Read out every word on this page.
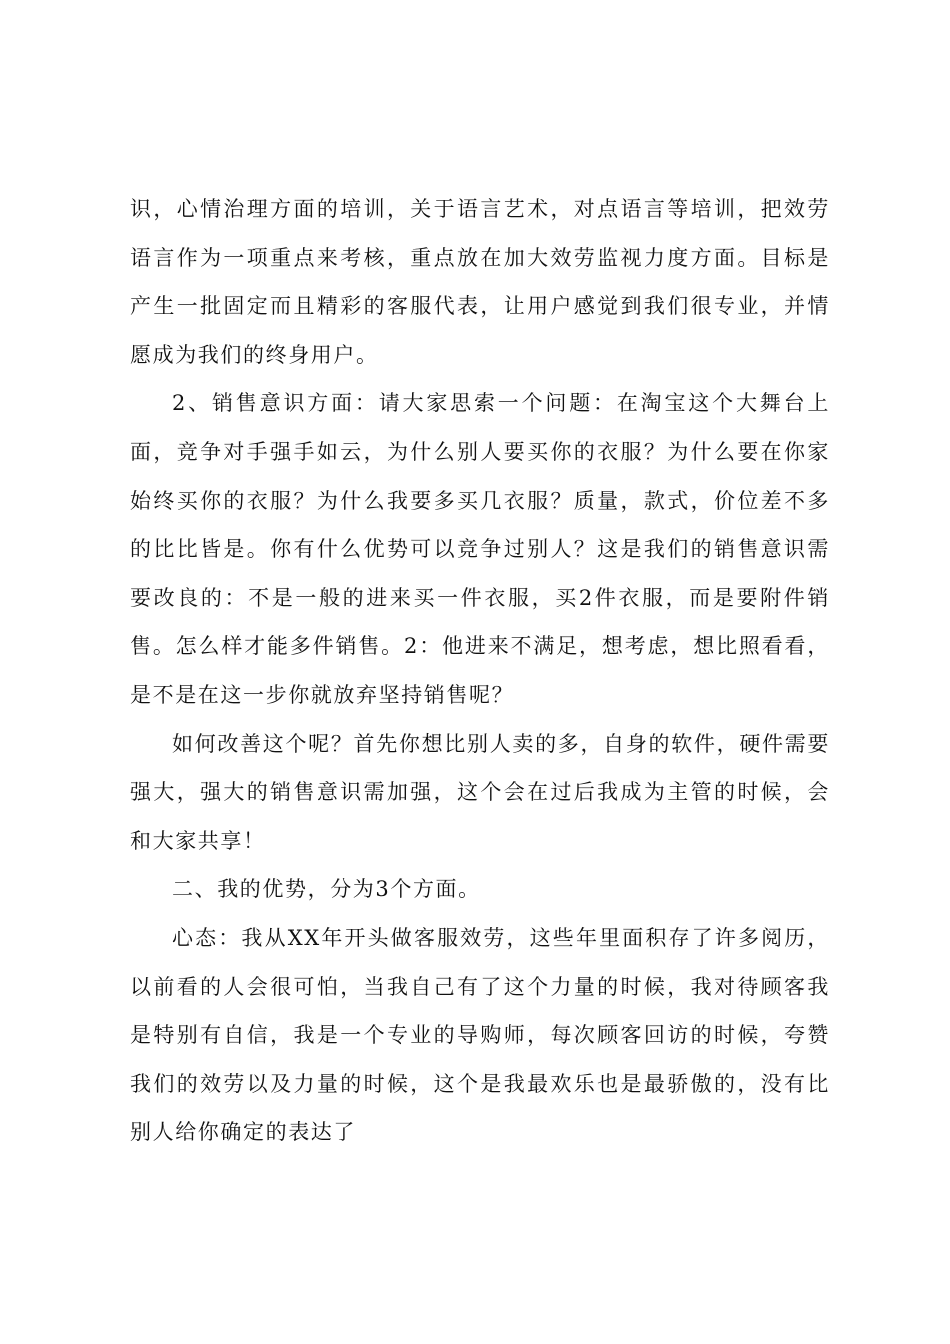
识，心情治理方面的培训，关于语言艺术，对点语言等培训，把效劳语言作为一项重点来考核，重点放在加大效劳监视力度方面。目标是产生一批固定而且精彩的客服代表，让用户感觉到我们很专业，并情愿成为我们的终身用户。

2、销售意识方面：请大家思索一个问题：在淘宝这个大舞台上面，竞争对手强手如云，为什么别人要买你的衣服？为什么要在你家始终买你的衣服？为什么我要多买几衣服？质量，款式，价位差不多的比比皆是。你有什么优势可以竞争过别人？这是我们的销售意识需要改良的：不是一般的进来买一件衣服，买2件衣服，而是要附件销售。怎么样才能多件销售。2：他进来不满足，想考虑，想比照看看，是不是在这一步你就放弃坚持销售呢？

如何改善这个呢？首先你想比别人卖的多，自身的软件，硬件需要强大，强大的销售意识需加强，这个会在过后我成为主管的时候，会和大家共享！

二、我的优势，分为3个方面。

心态：我从XX年开头做客服效劳，这些年里面积存了许多阅历，以前看的人会很可怕，当我自己有了这个力量的时候，我对待顾客我是特别有自信，我是一个专业的导购师，每次顾客回访的时候，夸赞我们的效劳以及力量的时候，这个是我最欢乐也是最骄傲的，没有比别人给你确定的表达了
